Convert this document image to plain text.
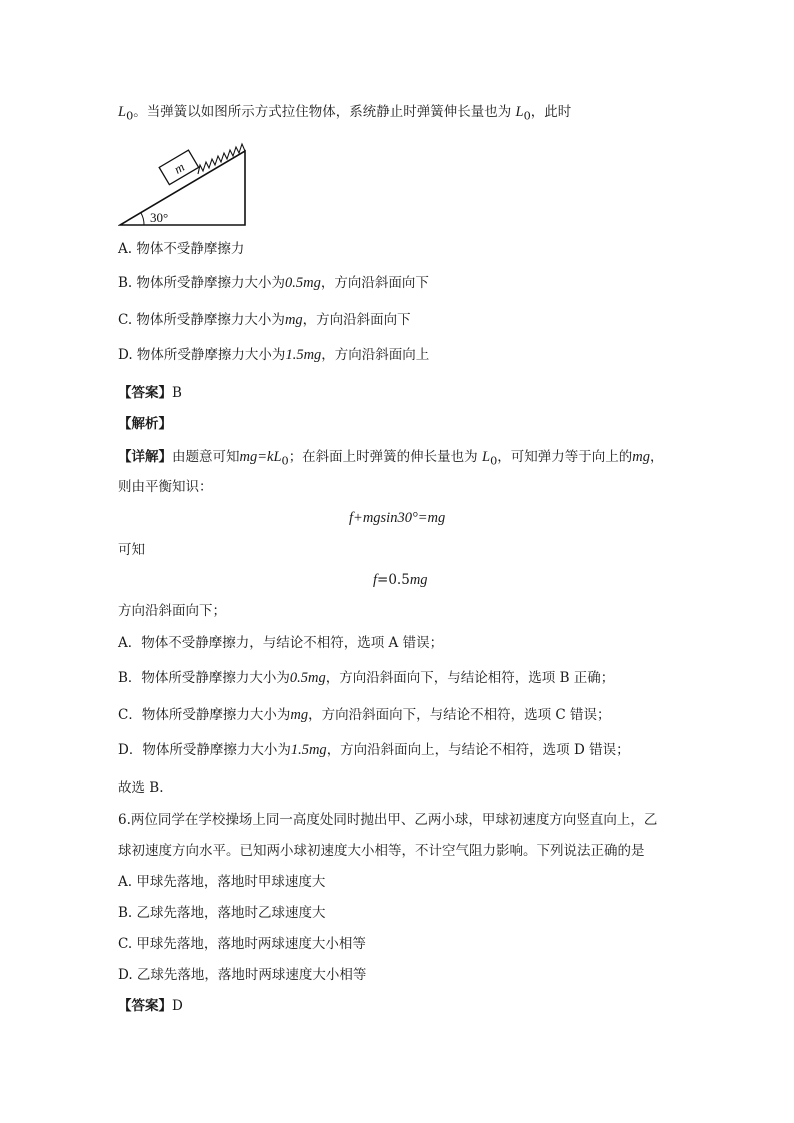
$L_0$。当弹簧以如图所示方式拉住物体，系统静止时弹簧伸长量也为 $L_0$，此时
m
30°
A. 物体不受静摩擦力
B. 物体所受静摩擦力大小为0.5mg，方向沿斜面向下
C. 物体所受静摩擦力大小为mg，方向沿斜面向下
D. 物体所受静摩擦力大小为1.5mg，方向沿斜面向上
【答案】B
【解析】
【详解】由题意可知$mg=kL_0$；在斜面上时弹簧的伸长量也为 $L_0$，可知弹力等于向上的mg，
则由平衡知识：
f+mgsin30°=mg
可知
f=0.5mg
方向沿斜面向下；
A．物体不受静摩擦力，与结论不相符，选项 A 错误；
B．物体所受静摩擦力大小为0.5mg，方向沿斜面向下，与结论相符，选项 B 正确；
C．物体所受静摩擦力大小为mg，方向沿斜面向下，与结论不相符，选项 C 错误；
D．物体所受静摩擦力大小为1.5mg，方向沿斜面向上，与结论不相符，选项 D 错误；
故选 B.
6.两位同学在学校操场上同一高度处同时抛出甲、乙两小球，甲球初速度方向竖直向上，乙
球初速度方向水平。已知两小球初速度大小相等，不计空气阻力影响。下列说法正确的是
A. 甲球先落地，落地时甲球速度大
B. 乙球先落地，落地时乙球速度大
C. 甲球先落地，落地时两球速度大小相等
D. 乙球先落地，落地时两球速度大小相等
【答案】D
